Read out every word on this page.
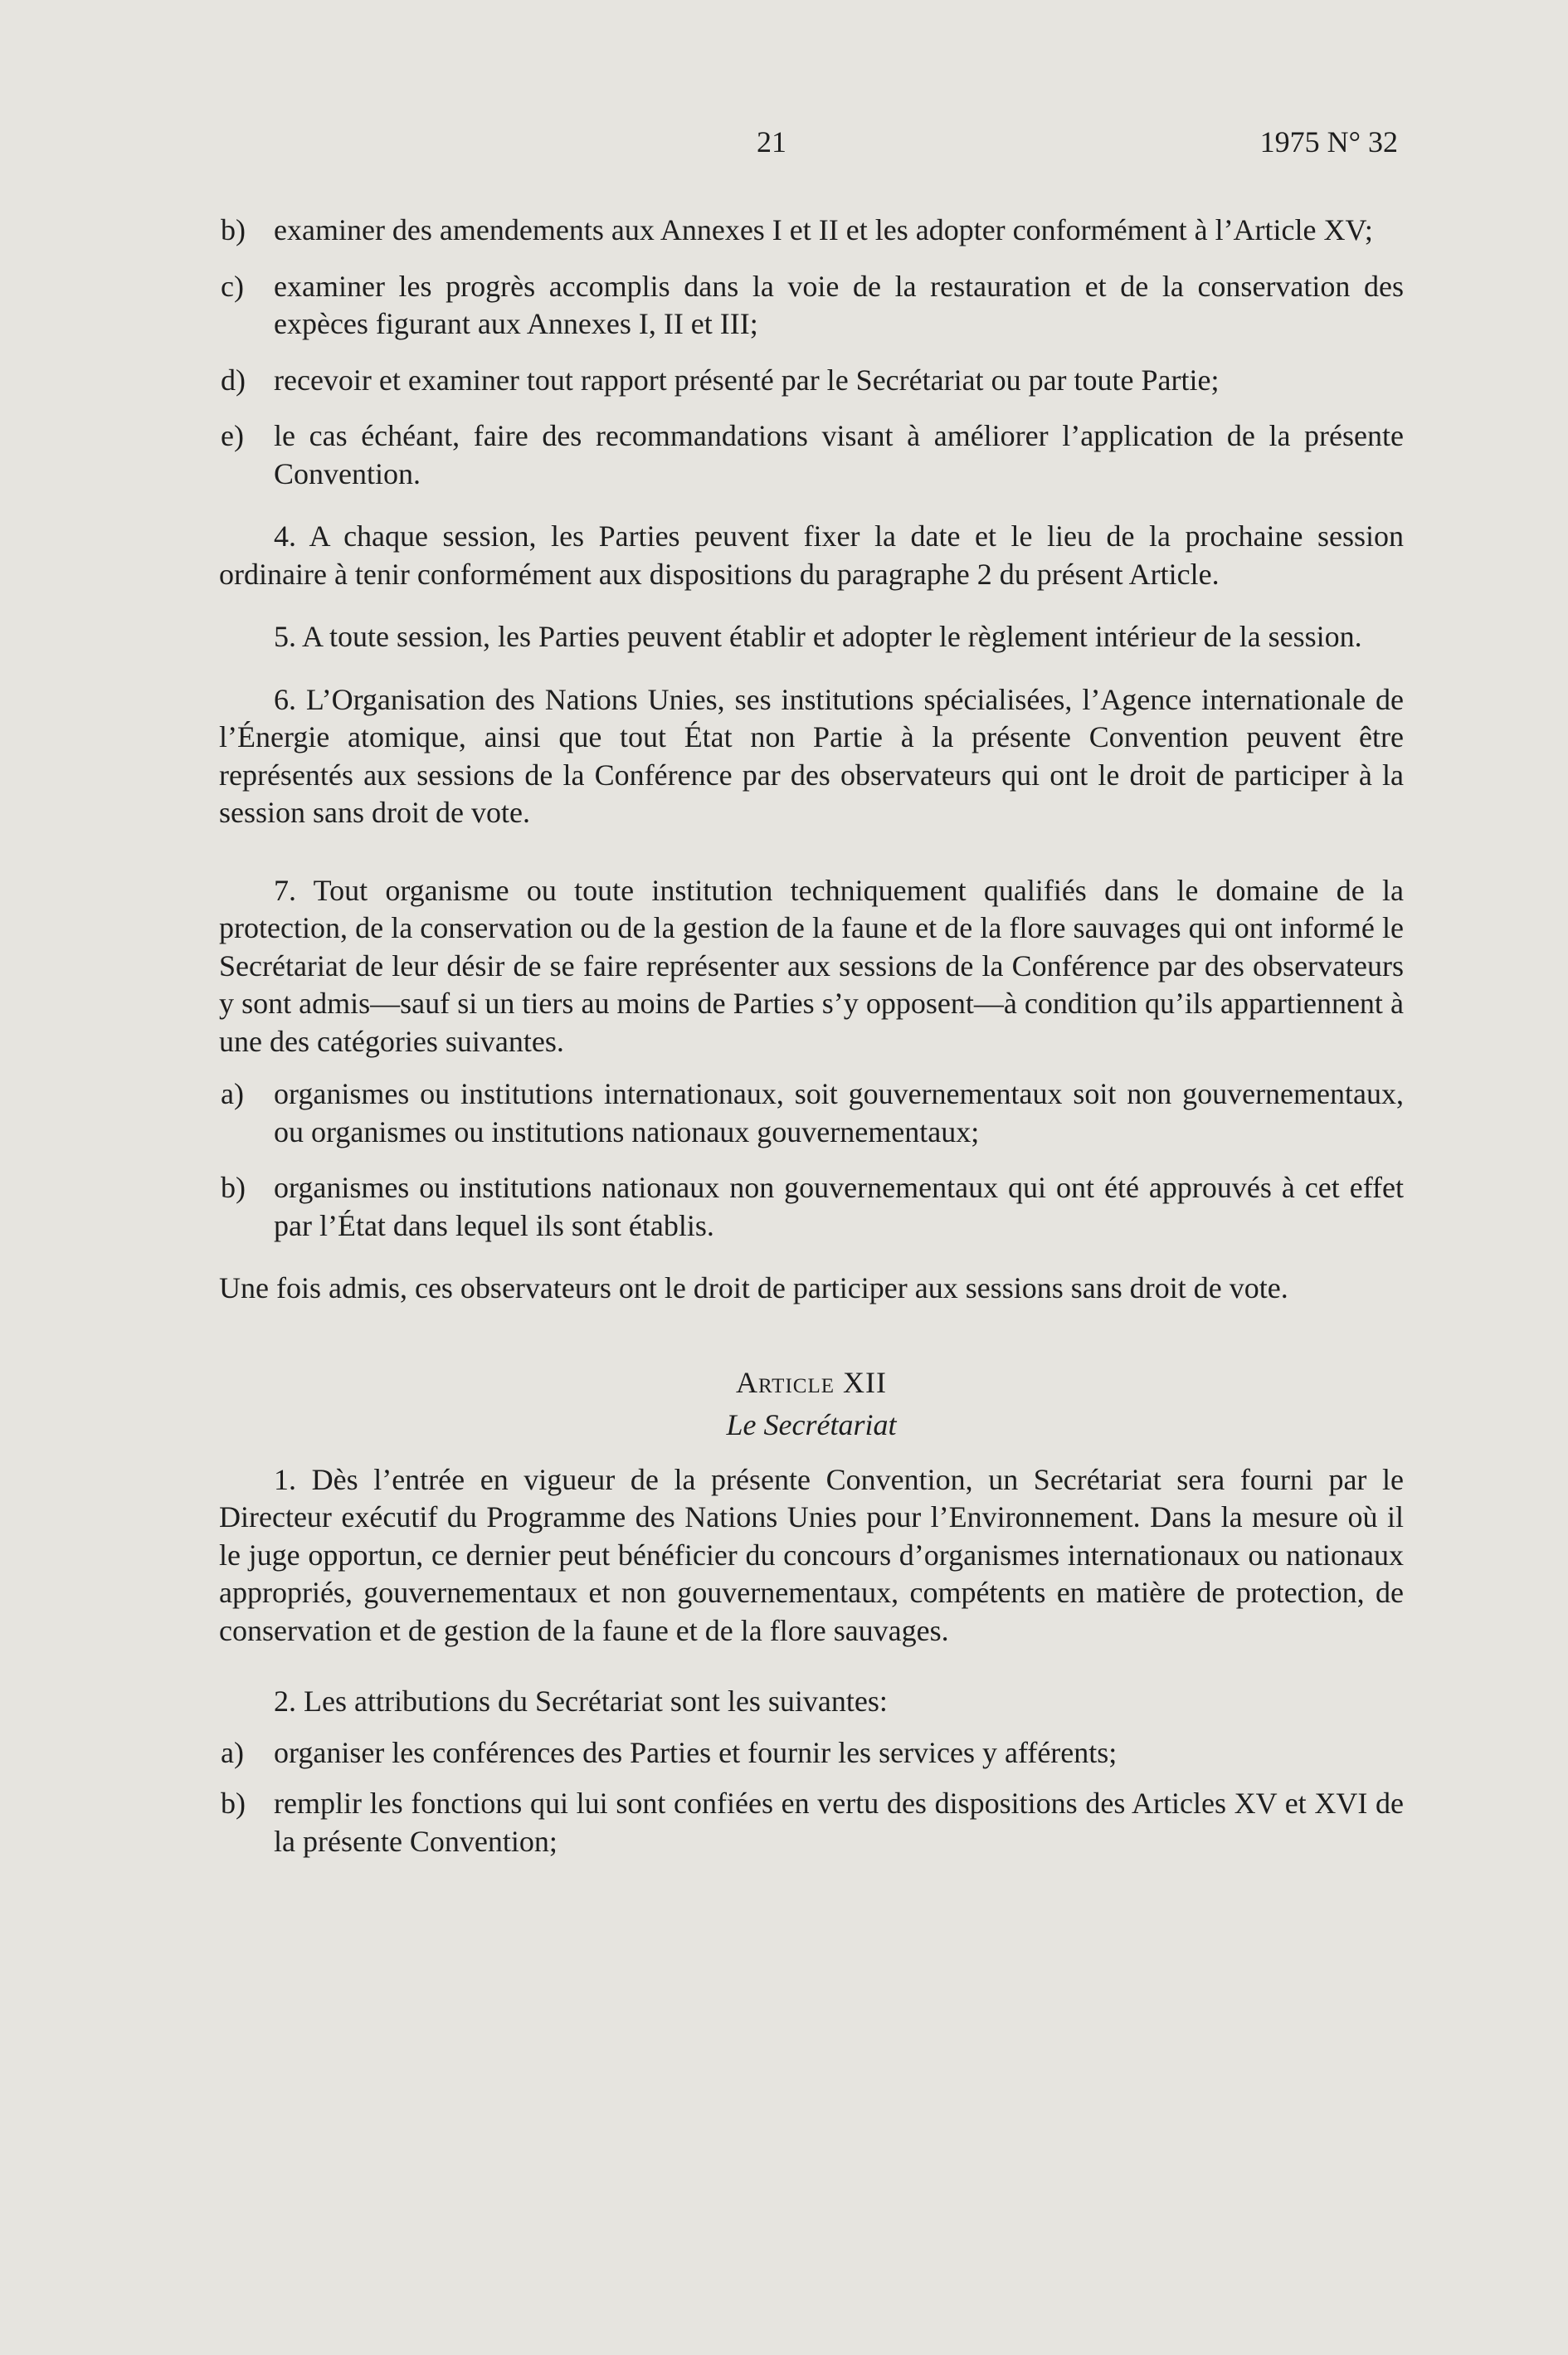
21	1975 N° 32
b) examiner des amendements aux Annexes I et II et les adopter conformément à l’Article XV;

c) examiner les progrès accomplis dans la voie de la restauration et de la conservation des expèces figurant aux Annexes I, II et III;

d) recevoir et examiner tout rapport présenté par le Secrétariat ou par toute Partie;

e) le cas échéant, faire des recommandations visant à améliorer l’application de la présente Convention.

4. A chaque session, les Parties peuvent fixer la date et le lieu de la prochaine session ordinaire à tenir conformément aux dispositions du paragraphe 2 du présent Article.

5. A toute session, les Parties peuvent établir et adopter le règlement intérieur de la session.

6. L’Organisation des Nations Unies, ses institutions spécialisées, l’Agence internationale de l’Énergie atomique, ainsi que tout État non Partie à la présente Convention peuvent être représentés aux sessions de la Conférence par des observateurs qui ont le droit de participer à la session sans droit de vote.

7. Tout organisme ou toute institution techniquement qualifiés dans le domaine de la protection, de la conservation ou de la gestion de la faune et de la flore sauvages qui ont informé le Secrétariat de leur désir de se faire représenter aux sessions de la Conférence par des observateurs y sont admis—sauf si un tiers au moins de Parties s’y opposent—à condition qu’ils appartiennent à une des catégories suivantes.

a) organismes ou institutions internationaux, soit gouvernementaux soit non gouvernementaux, ou organismes ou institutions nationaux gouvernementaux;

b) organismes ou institutions nationaux non gouvernementaux qui ont été approuvés à cet effet par l’État dans lequel ils sont établis.

Une fois admis, ces observateurs ont le droit de participer aux sessions sans droit de vote.

Article XII

Le Secrétariat

1. Dès l’entrée en vigueur de la présente Convention, un Secrétariat sera fourni par le Directeur exécutif du Programme des Nations Unies pour l’Environnement. Dans la mesure où il le juge opportun, ce dernier peut bénéficier du concours d’organismes internationaux ou nationaux appropriés, gouvernementaux et non gouvernementaux, compétents en matière de protection, de conservation et de gestion de la faune et de la flore sauvages.

2. Les attributions du Secrétariat sont les suivantes:

a) organiser les conférences des Parties et fournir les services y afférents;

b) remplir les fonctions qui lui sont confiées en vertu des dispositions des Articles XV et XVI de la présente Convention;
